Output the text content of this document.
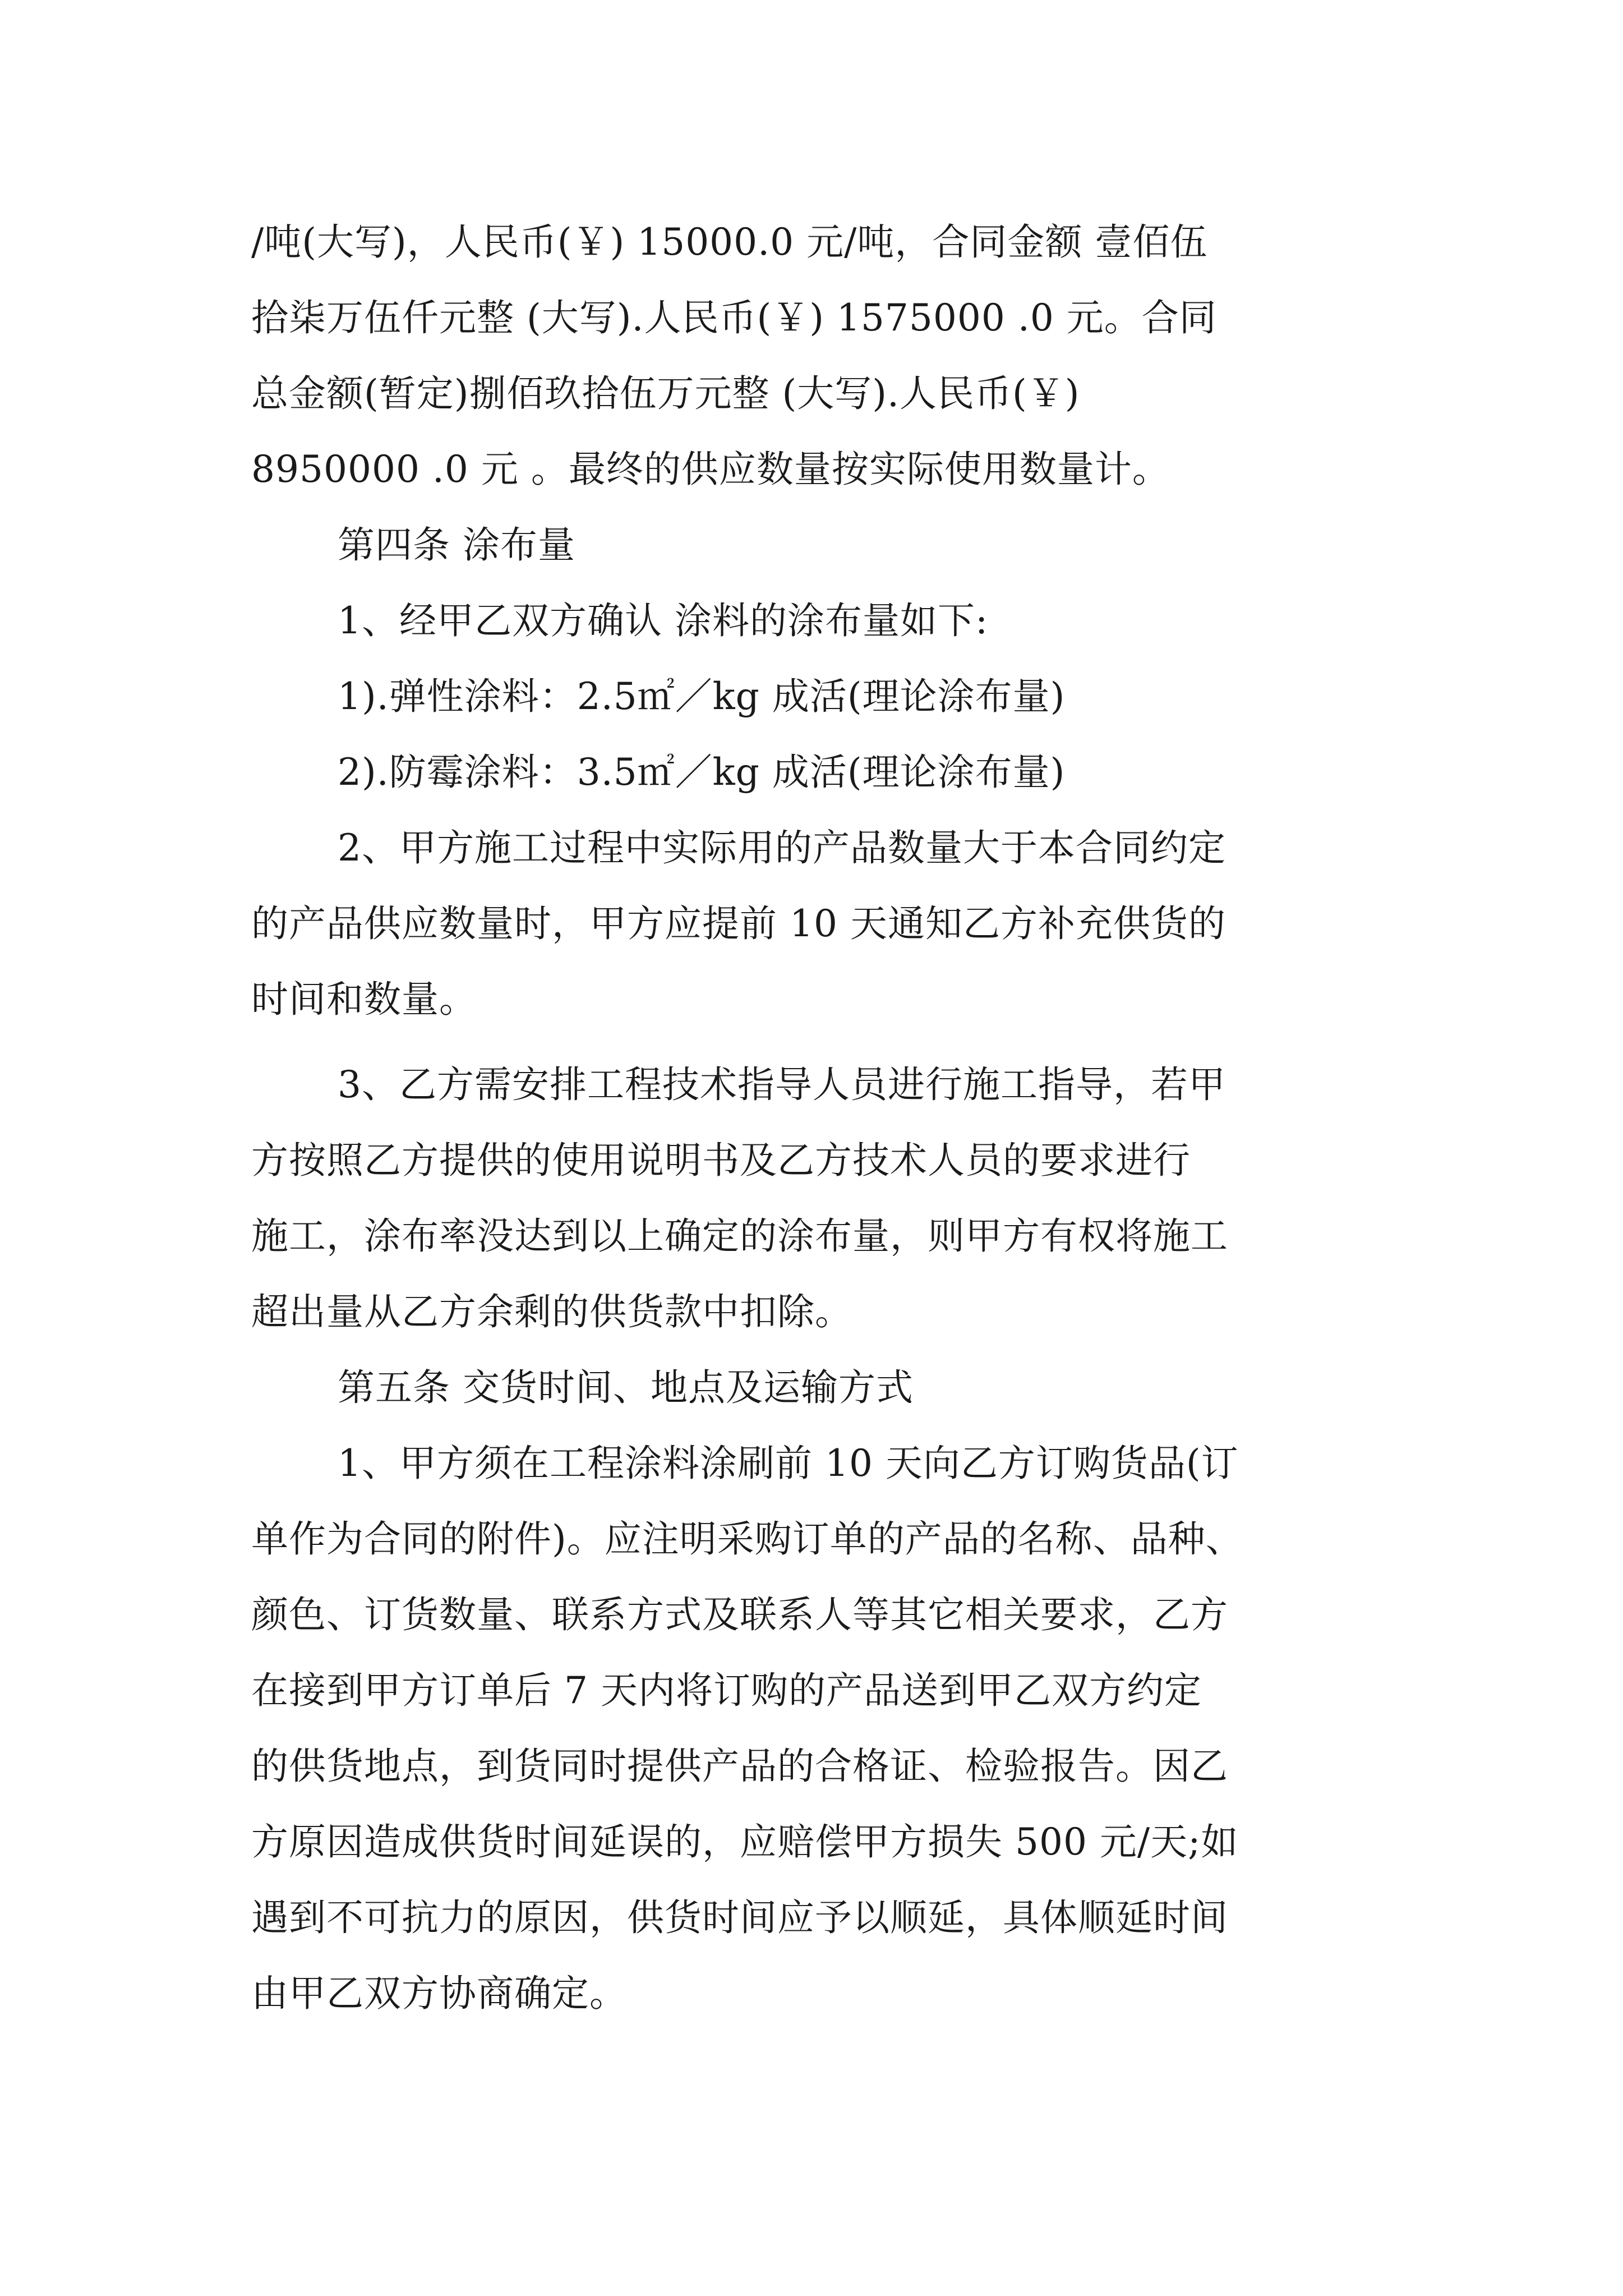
/吨(大写)，人民币(￥) 15000.0 元/吨，合同金额 壹佰伍
拾柒万伍仟元整 (大写).人民币(￥) 1575000 .0 元。合同
总金额(暂定)捌佰玖拾伍万元整 (大写).人民币(￥)
8950000 .0 元 。最终的供应数量按实际使用数量计。
第四条 涂布量
1、经甲乙双方确认 涂料的涂布量如下:
1).弹性涂料：2.5㎡／kg 成活(理论涂布量)
2).防霉涂料：3.5㎡／kg 成活(理论涂布量)
2、甲方施工过程中实际用的产品数量大于本合同约定
的产品供应数量时，甲方应提前 10 天通知乙方补充供货的
时间和数量。
3、乙方需安排工程技术指导人员进行施工指导，若甲
方按照乙方提供的使用说明书及乙方技术人员的要求进行
施工，涂布率没达到以上确定的涂布量，则甲方有权将施工
超出量从乙方余剩的供货款中扣除。
第五条 交货时间、地点及运输方式
1、甲方须在工程涂料涂刷前 10 天向乙方订购货品(订
单作为合同的附件)。应注明采购订单的产品的名称、品种、
颜色、订货数量、联系方式及联系人等其它相关要求，乙方
在接到甲方订单后 7 天内将订购的产品送到甲乙双方约定
的供货地点，到货同时提供产品的合格证、检验报告。因乙
方原因造成供货时间延误的，应赔偿甲方损失 500 元/天;如
遇到不可抗力的原因，供货时间应予以顺延，具体顺延时间
由甲乙双方协商确定。
